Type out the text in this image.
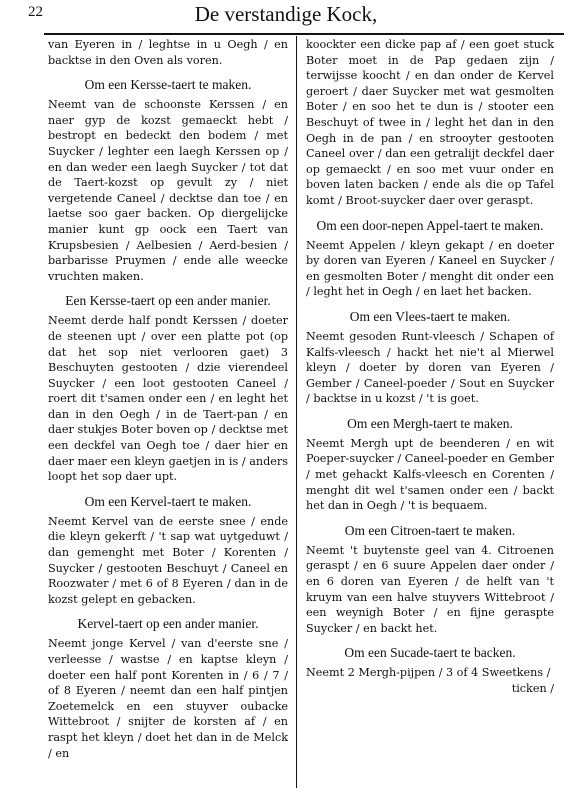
22	De verstandige Kock,

van Eyeren in / leghtse in u Oegh / en backtse in den Oven als voren.

Om een Kersse-taert te maken.

Neemt van de schoonste Kerssen / en naer gyp de kozst gemaeckt hebt / bestropt en bedeckt den bodem / met Suycker / leghter een laegh Kerssen op / en dan weder een laegh Suycker / tot dat de Taert-kozst op gevult zy / niet vergetende Caneel / decktse dan toe / en laetse soo gaer backen. Op diergelijcke manier kunt gp oock een Taert van Krupsbesien / Aelbesien / Aerd-besien / barbarisse Pruymen / ende alle weecke vruchten maken.

Een Kersse-taert op een ander manier.

Neemt derde half pondt Kerssen / doeter de steenen upt / over een platte pot (op dat het sop niet verlooren gaet) 3 Beschuyten gestooten / dzie vierendeel Suycker / een loot gestooten Caneel / roert dit t'samen onder een / en leght het dan in den Oegh / in de Taert-pan / en daer stukjes Boter boven op / decktse met een deckfel van Oegh toe / daer hier en daer maer een kleyn gaetjen in is / anders loopt het sop daer upt.

Om een Kervel-taert te maken.

Neemt Kervel van de eerste snee / ende die kleyn gekerft / 't sap wat uytgeduwt / dan gemenght met Boter / Korenten / Suycker / gestooten Beschuyt / Caneel en Roozwater / met 6 of 8 Eyeren / dan in de kozst gelept en gebacken.

Kervel-taert op een ander manier.

Neemt jonge Kervel / van d'eerste sne / verleesse / wastse / en kaptse kleyn / doeter een half pont Korenten in / 6 / 7 / of 8 Eyeren / neemt dan een half pintjen Zoetemelck en een stuyver oubacke Wittebroot / snijter de korsten af / en raspt het kleyn / doet het dan in de Melck / en

koockter een dicke pap af / een goet stuck Boter moet in de Pap gedaen zijn / terwijsse koocht / en dan onder de Kervel geroert / daer Suycker met wat gesmolten Boter / en soo het te dun is / stooter een Beschuyt of twee in / leght het dan in den Oegh in de pan / en strooyter gestooten Caneel over / dan een getralijt deckfel daer op gemaeckt / en soo met vuur onder en boven laten backen / ende als die op Tafel komt / Broot-suycker daer over geraspt.

Om een door-nepen Appel-taert te maken.

Neemt Appelen / kleyn gekapt / en doeter by doren van Eyeren / Kaneel en Suycker / en gesmolten Boter / menght dit onder een / leght het in Oegh / en laet het backen.

Om een Vlees-taert te maken.

Neemt gesoden Runt-vleesch / Schapen of Kalfs-vleesch / hackt het nie't al Mierwel kleyn / doeter by doren van Eyeren / Gember / Caneel-poeder / Sout en Suycker / backtse in u kozst / 't is goet.

Om een Mergh-taert te maken.

Neemt Mergh upt de beenderen / en wit Poeper-suycker / Caneel-poeder en Gember / met gehackt Kalfs-vleesch en Corenten / menght dit wel t'samen onder een / backt het dan in Oegh / 't is bequaem.

Om een Citroen-taert te maken.

Neemt 't buytenste geel van 4. Citroenen geraspt / en 6 suure Appelen daer onder / en 6 doren van Eyeren / de helft van 't kruym van een halve stuyvers Wittebroot / een weynigh Boter / en fijne geraspte Suycker / en backt het.

Om een Sucade-taert te backen.

Neemt 2 Mergh-pijpen / 3 of 4 Sweetkens /

ticken /
